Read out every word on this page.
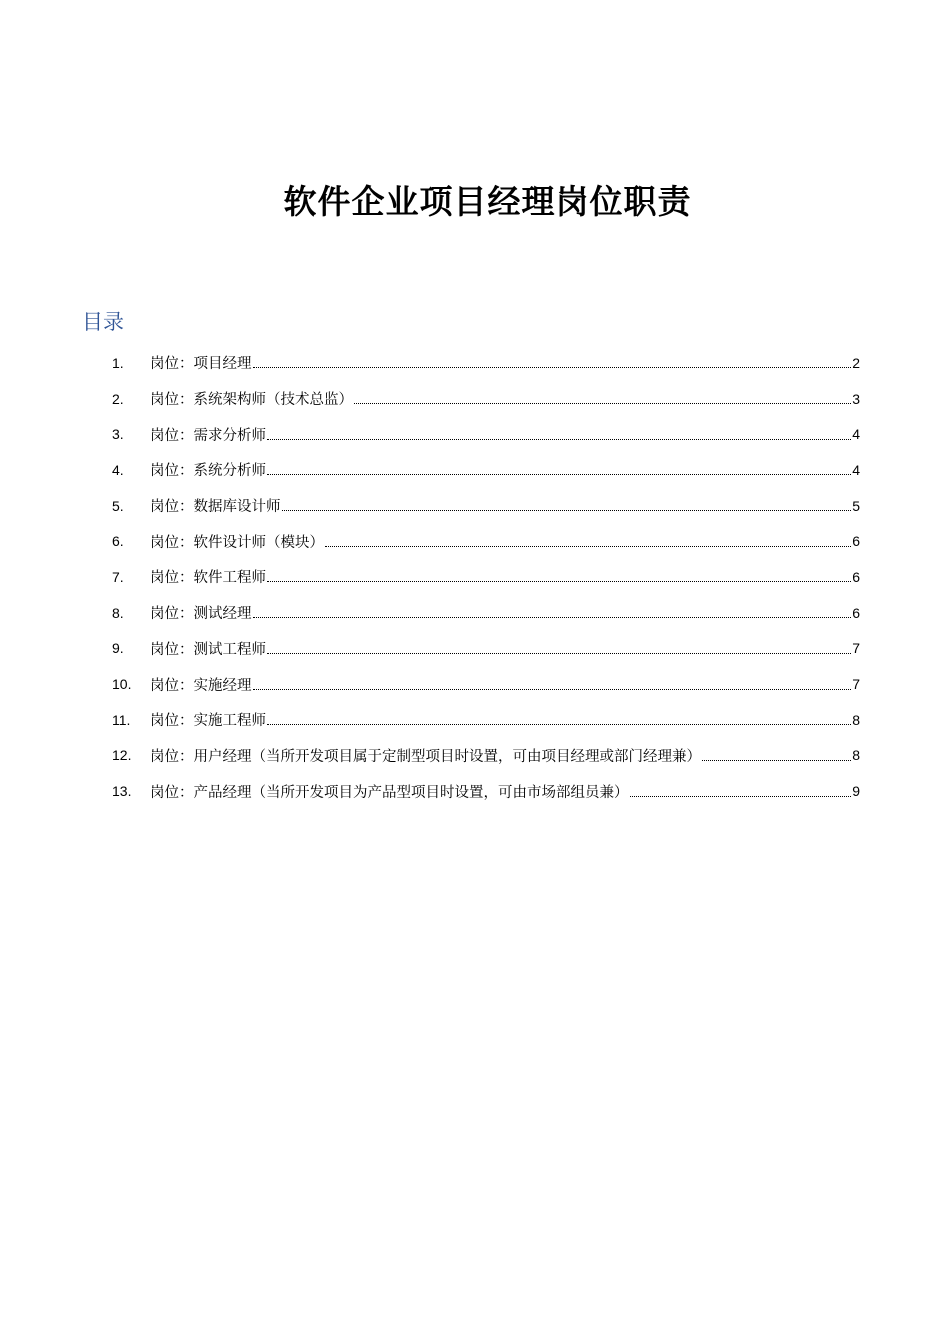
软件企业项目经理岗位职责
目录
1.	岗位：项目经理	2
2.	岗位：系统架构师（技术总监）	3
3.	岗位：需求分析师	4
4.	岗位：系统分析师	4
5.	岗位：数据库设计师	5
6.	岗位：软件设计师（模块）	6
7.	岗位：软件工程师	6
8.	岗位：测试经理	6
9.	岗位：测试工程师	7
10.	岗位：实施经理	7
11.	岗位：实施工程师	8
12.	岗位：用户经理（当所开发项目属于定制型项目时设置，可由项目经理或部门经理兼）	8
13.	岗位：产品经理（当所开发项目为产品型项目时设置，可由市场部组员兼）	9
